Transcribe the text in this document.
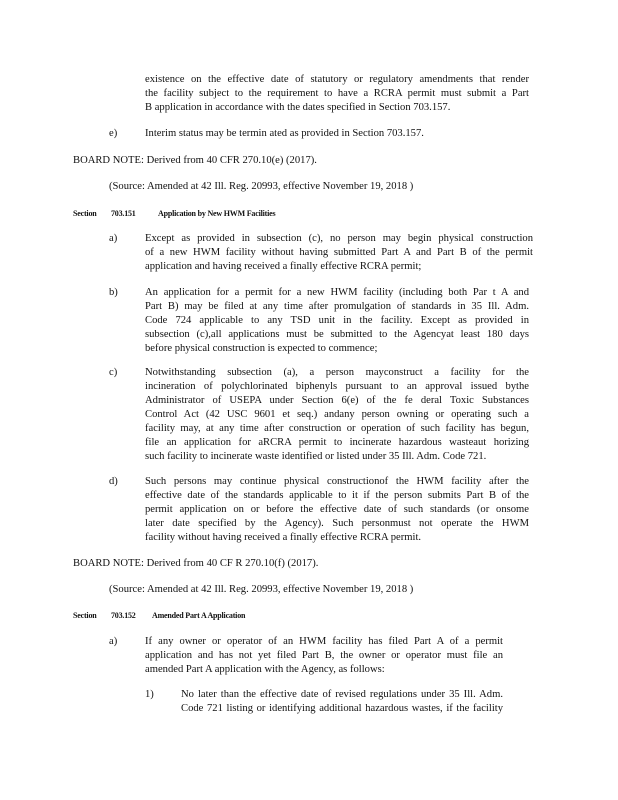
existence on the effective date of statutory or regulatory amendments that render
the facility subject to the requirement to have a RCRA permit must submit a Part
B application in accordance with the dates specified in Section 703.157.
e)	Interim status may be termin ated as provided in Section 703.157.
BOARD NOTE: Derived from 40 CFR 270.10(e) (2017).
(Source: Amended at 42 Ill. Reg. 20993, effective November 19, 2018 )
Section 703.151	Application by New HWM Facilities
a)	Except as provided in subsection (c), no person may begin physical construction
of a new HWM facility without having submitted Part A and Part B of the permit
application and having received a finally effective RCRA permit;
b)	An application for a permit for a new HWM facility (including both Par t A and
Part B) may be filed at any time after promulgation of standards in 35 Ill. Adm.
Code 724 applicable to any TSD unit in the facility. Except as provided in
subsection (c),all applications must be submitted to the Agencyat least 180 days
before physical construction is expected to commence;
c)	Notwithstanding subsection (a), a person mayconstruct a facility for the
incineration of polychlorinated biphenyls pursuant to an approval issued bythe
Administrator of USEPA under Section 6(e) of the fe deral Toxic Substances
Control Act (42 USC 9601 et seq.) andany person owning or operating such a
facility may, at any time after construction or operation of such facility has begun,
file an application for aRCRA permit to incinerate hazardous wasteaut horizing
such facility to incinerate waste identified or listed under 35 Ill. Adm. Code 721.
d)	Such persons may continue physical constructionof the HWM facility after the
effective date of the standards applicable to it if the person submits Part B of the
permit application on or before the effective date of such standards (or onsome
later date specified by the Agency). Such personmust not operate the HWM
facility without having received a finally effective RCRA permit.
BOARD NOTE: Derived from 40 CF R 270.10(f) (2017).
(Source: Amended at 42 Ill. Reg. 20993, effective November 19, 2018 )
Section 703.152 Amended Part A Application
a)	If any owner or operator of an HWM facility has filed Part A of a permit
application and has not yet filed Part B, the owner or operator must file an
amended Part A application with the Agency, as follows:
1)	No later than the effective date of revised regulations under 35 Ill. Adm.
Code 721 listing or identifying additional hazardous wastes, if the facility
